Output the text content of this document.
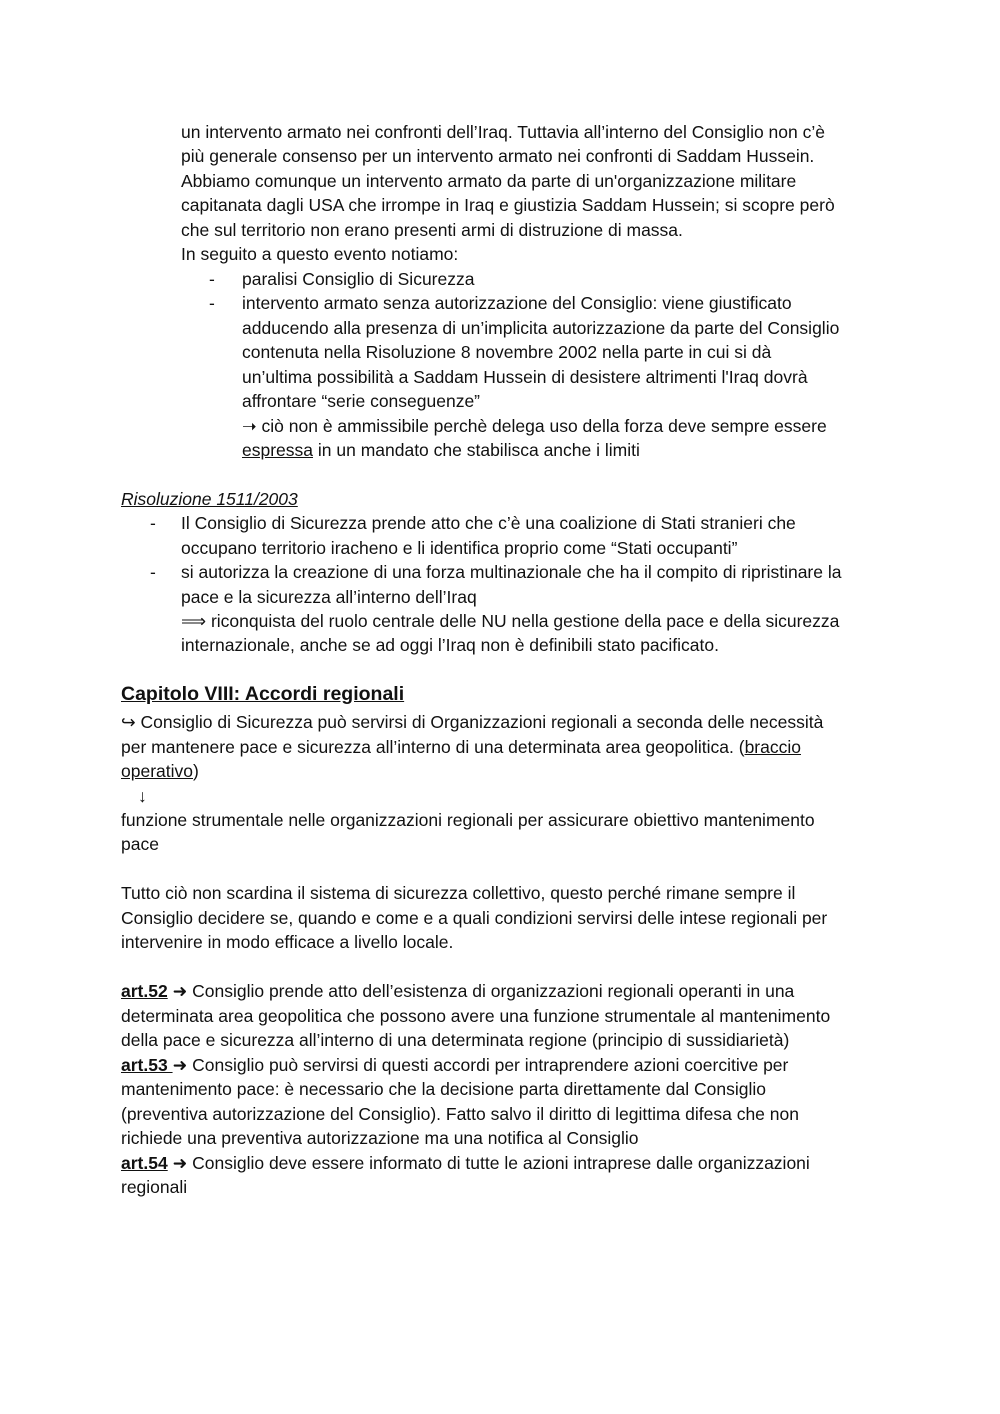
un intervento armato nei confronti dell’Iraq. Tuttavia all’interno del Consiglio non c’è
più generale consenso per un intervento armato nei confronti di Saddam Hussein.
Abbiamo comunque un intervento armato da parte di un'organizzazione militare
capitanata dagli USA che irrompe in Iraq e giustizia Saddam Hussein; si scopre però
che sul territorio non erano presenti armi di distruzione di massa.
In seguito a questo evento notiamo:
- paralisi Consiglio di Sicurezza
- intervento armato senza autorizzazione del Consiglio: viene giustificato
adducendo alla presenza di un’implicita autorizzazione da parte del Consiglio
contenuta nella Risoluzione 8 novembre 2002 nella parte in cui si dà
un’ultima possibilità a Saddam Hussein di desistere altrimenti l'Iraq dovrà
affrontare “serie conseguenze”
➝ ciò non è ammissibile perchè delega uso della forza deve sempre essere
espressa in un mandato che stabilisca anche i limiti
Risoluzione 1511/2003
- Il Consiglio di Sicurezza prende atto che c’è una coalizione di Stati stranieri che
occupano territorio iracheno e li identifica proprio come “Stati occupanti”
- si autorizza la creazione di una forza multinazionale che ha il compito di ripristinare la
pace e la sicurezza all’interno dell’Iraq
⟹ riconquista del ruolo centrale delle NU nella gestione della pace e della sicurezza
internazionale, anche se ad oggi l’Iraq non è definibili stato pacificato.
Capitolo VIII: Accordi regionali
↪ Consiglio di Sicurezza può servirsi di Organizzazioni regionali a seconda delle necessità
per mantenere pace e sicurezza all’interno di una determinata area geopolitica. (braccio
operativo)
↓
funzione strumentale nelle organizzazioni regionali per assicurare obiettivo mantenimento
pace
Tutto ciò non scardina il sistema di sicurezza collettivo, questo perché rimane sempre il
Consiglio decidere se, quando e come e a quali condizioni servirsi delle intese regionali per
intervenire in modo efficace a livello locale.
art.52 ➜ Consiglio prende atto dell’esistenza di organizzazioni regionali operanti in una
determinata area geopolitica che possono avere una funzione strumentale al mantenimento
della pace e sicurezza all’interno di una determinata regione (principio di sussidiarietà)
art.53 ➜ Consiglio può servirsi di questi accordi per intraprendere azioni coercitive per
mantenimento pace: è necessario che la decisione parta direttamente dal Consiglio
(preventiva autorizzazione del Consiglio). Fatto salvo il diritto di legittima difesa che non
richiede una preventiva autorizzazione ma una notifica al Consiglio
art.54 ➜ Consiglio deve essere informato di tutte le azioni intraprese dalle organizzazioni
regionali
